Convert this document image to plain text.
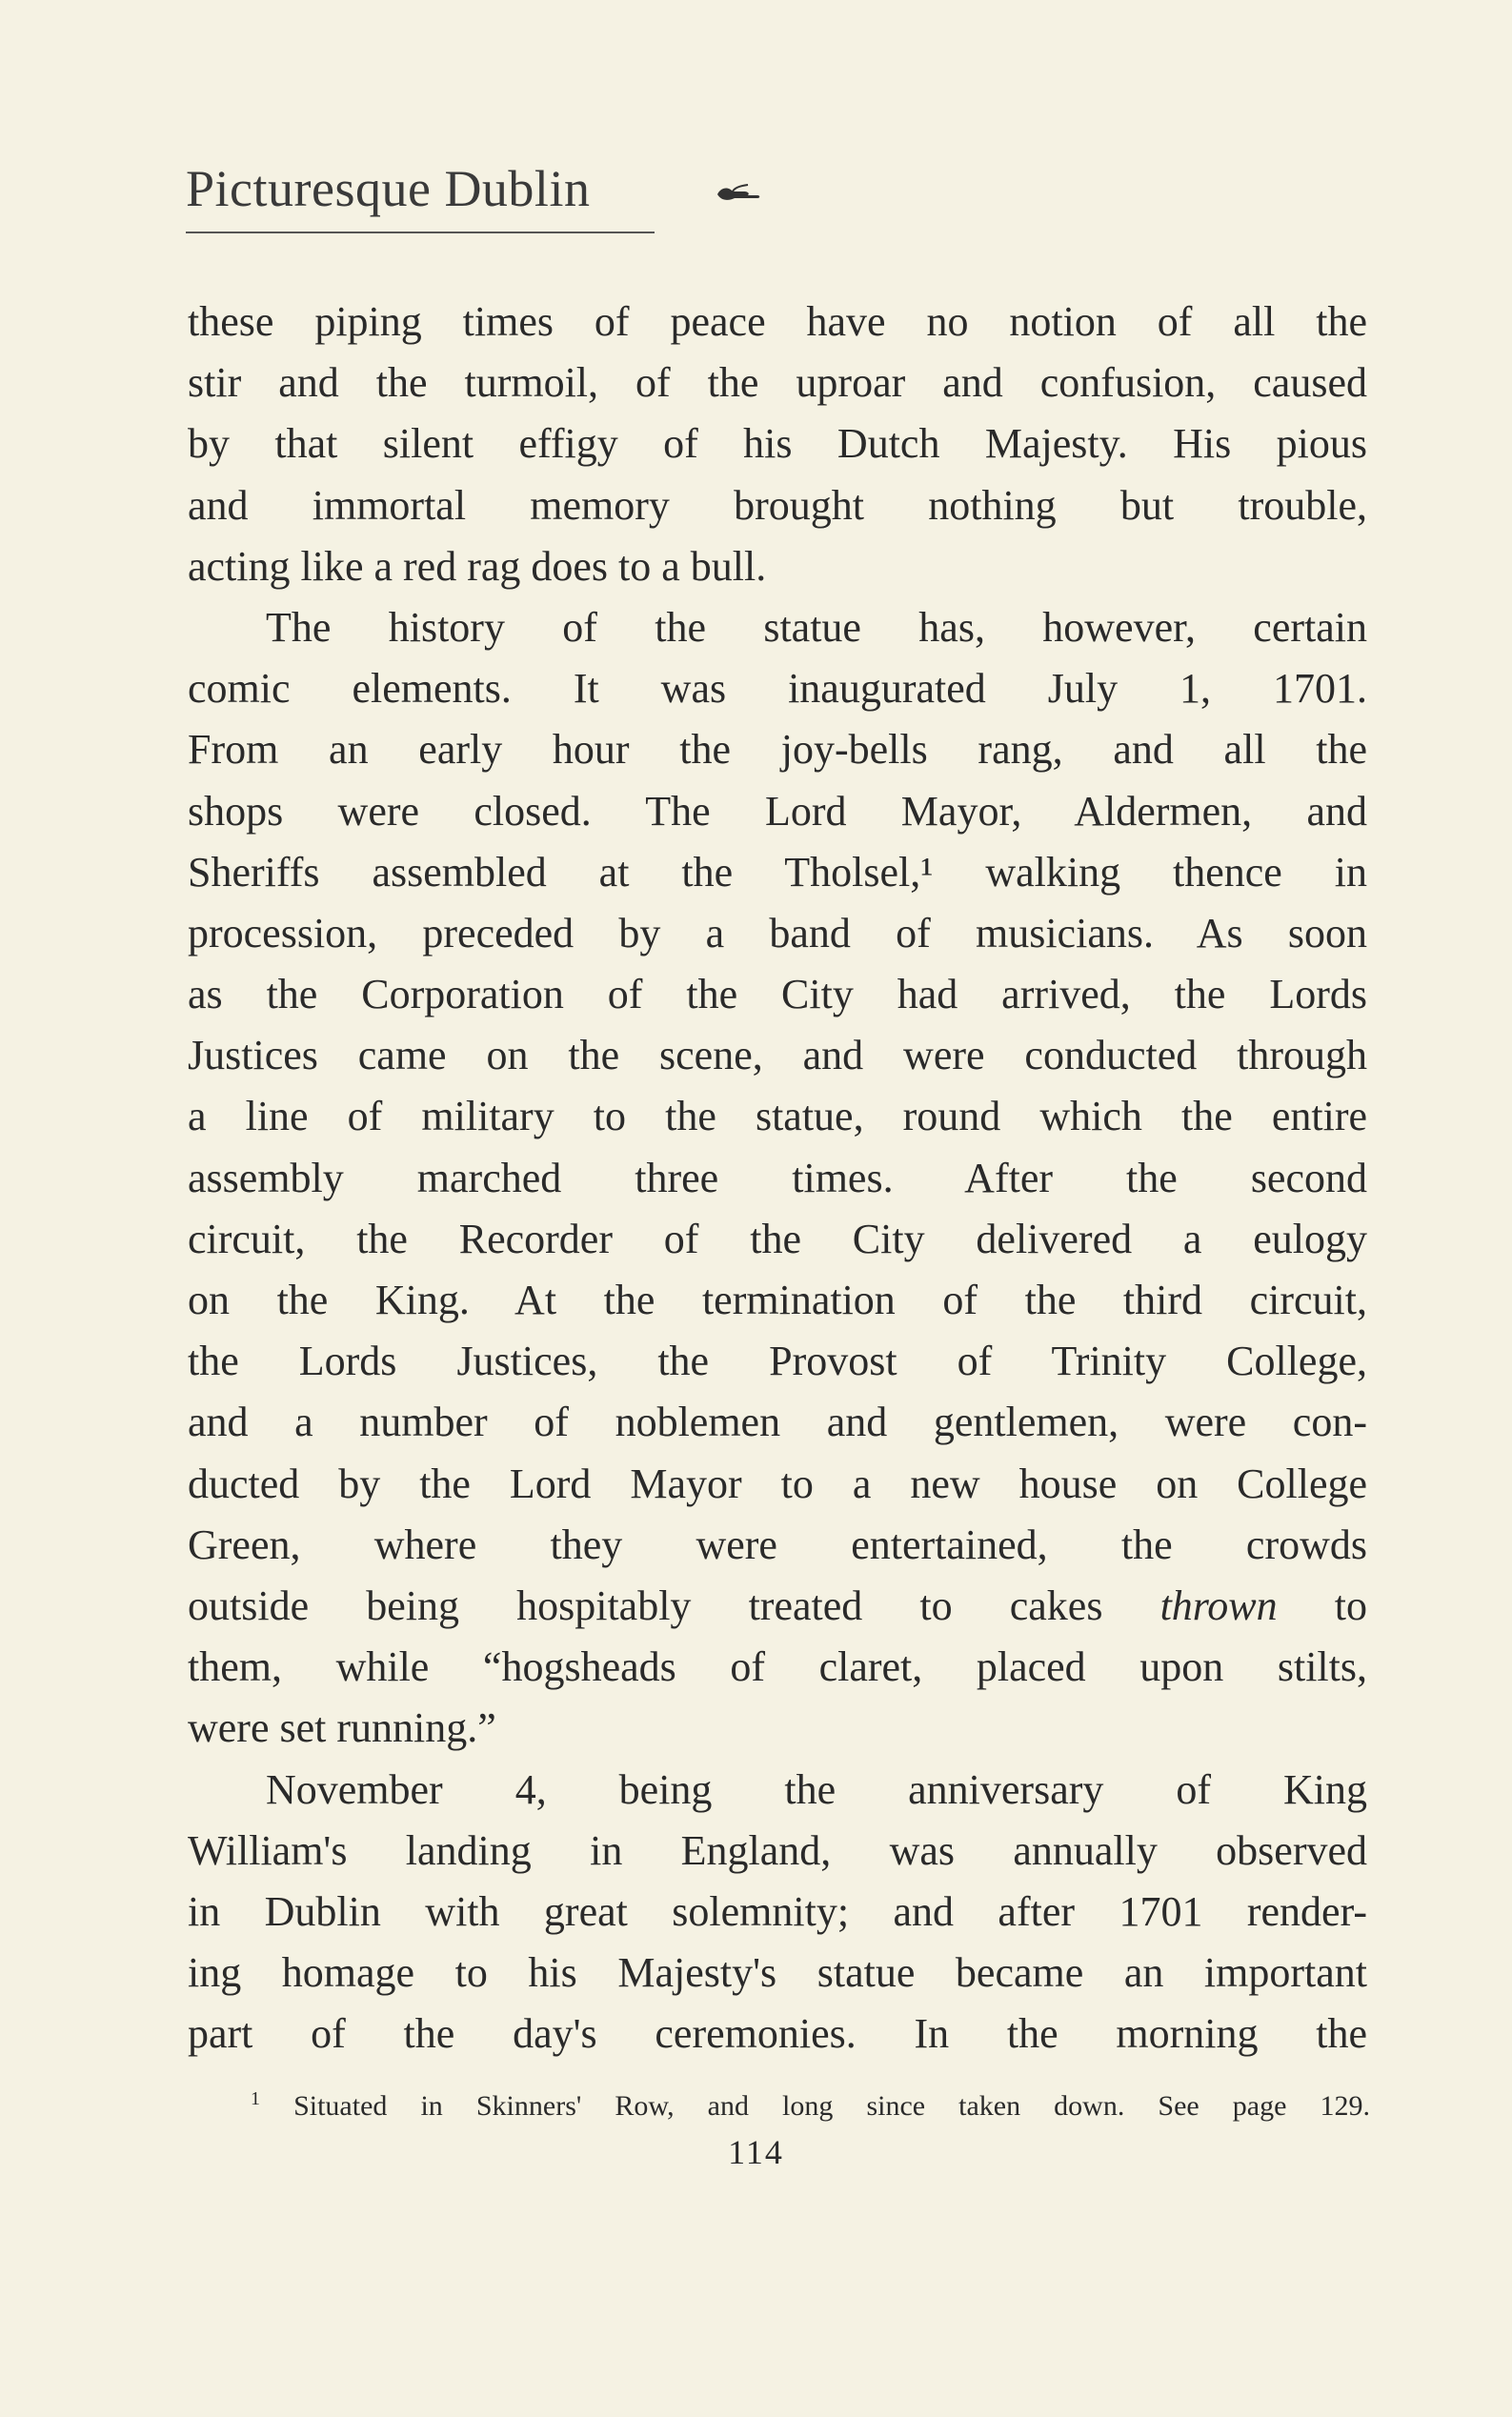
Picturesque Dublin
these piping times of peace have no notion of all the
stir and the turmoil, of the uproar and confusion, caused
by that silent effigy of his Dutch Majesty. His pious
and immortal memory brought nothing but trouble,
acting like a red rag does to a bull.
The history of the statue has, however, certain
comic elements. It was inaugurated July 1, 1701.
From an early hour the joy-bells rang, and all the
shops were closed. The Lord Mayor, Aldermen, and
Sheriffs assembled at the Tholsel,¹ walking thence in
procession, preceded by a band of musicians. As soon
as the Corporation of the City had arrived, the Lords
Justices came on the scene, and were conducted through
a line of military to the statue, round which the entire
assembly marched three times. After the second
circuit, the Recorder of the City delivered a eulogy
on the King. At the termination of the third circuit,
the Lords Justices, the Provost of Trinity College,
and a number of noblemen and gentlemen, were con-
ducted by the Lord Mayor to a new house on College
Green, where they were entertained, the crowds
outside being hospitably treated to cakes thrown to
them, while “hogsheads of claret, placed upon stilts,
were set running.”
November 4, being the anniversary of King
William's landing in England, was annually observed
in Dublin with great solemnity; and after 1701 render-
ing homage to his Majesty's statue became an important
part of the day's ceremonies. In the morning the
$^1$ Situated in Skinners' Row, and long since taken down. See page 129.
114
